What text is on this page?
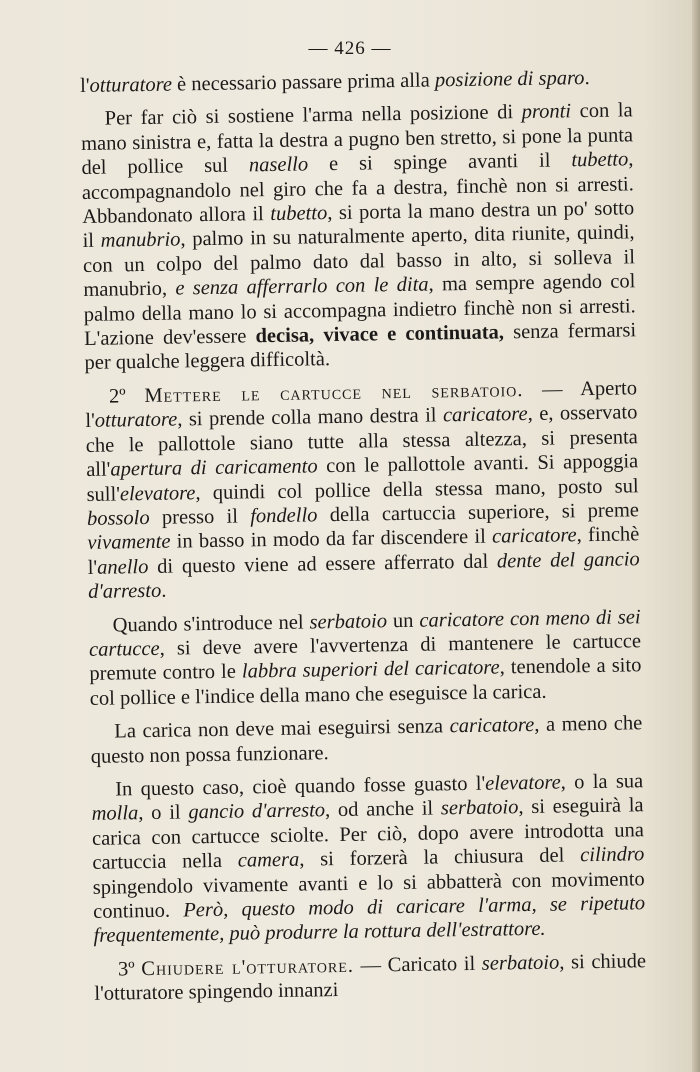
— 426 —

l'otturatore è necessario passare prima alla posizione di sparo.

Per far ciò si sostiene l'arma nella posizione di pronti con la mano sinistra e, fatta la destra a pugno ben stretto, si pone la punta del pollice sul nasello e si spinge avanti il tubetto, accompagnandolo nel giro che fa a destra, finchè non si arresti. Abbandonato allora il tubetto, si porta la mano destra un po' sotto il manubrio, palmo in su naturalmente aperto, dita riunite, quindi, con un colpo del palmo dato dal basso in alto, si solleva il manubrio, e senza afferrarlo con le dita, ma sempre agendo col palmo della mano lo si accompagna indietro finchè non si arresti. L'azione dev'essere decisa, vivace e continuata, senza fermarsi per qualche leggera difficoltà.

2º Mettere le cartucce nel serbatoio. — Aperto l'otturatore, si prende colla mano destra il caricatore, e, osservato che le pallottole siano tutte alla stessa altezza, si presenta all'apertura di caricamento con le pallottole avanti. Si appoggia sull'elevatore, quindi col pollice della stessa mano, posto sul bossolo presso il fondello della cartuccia superiore, si preme vivamente in basso in modo da far discendere il caricatore, finchè l'anello di questo viene ad essere afferrato dal dente del gancio d'arresto.

Quando s'introduce nel serbatoio un caricatore con meno di sei cartucce, si deve avere l'avvertenza di mantenere le cartucce premute contro le labbra superiori del caricatore, tenendole a sito col pollice e l'indice della mano che eseguisce la carica.

La carica non deve mai eseguirsi senza caricatore, a meno che questo non possa funzionare.

In questo caso, cioè quando fosse guasto l'elevatore, o la sua molla, o il gancio d'arresto, od anche il serbatoio, si eseguirà la carica con cartucce sciolte. Per ciò, dopo avere introdotta una cartuccia nella camera, si forzerà la chiusura del cilindro spingendolo vivamente avanti e lo si abbatterà con movimento continuo. Però, questo modo di caricare l'arma, se ripetuto frequentemente, può produrre la rottura dell'estrattore.

3º Chiudere l'otturatore. — Caricato il serbatoio, si chiude l'otturatore spingendo innanzi
